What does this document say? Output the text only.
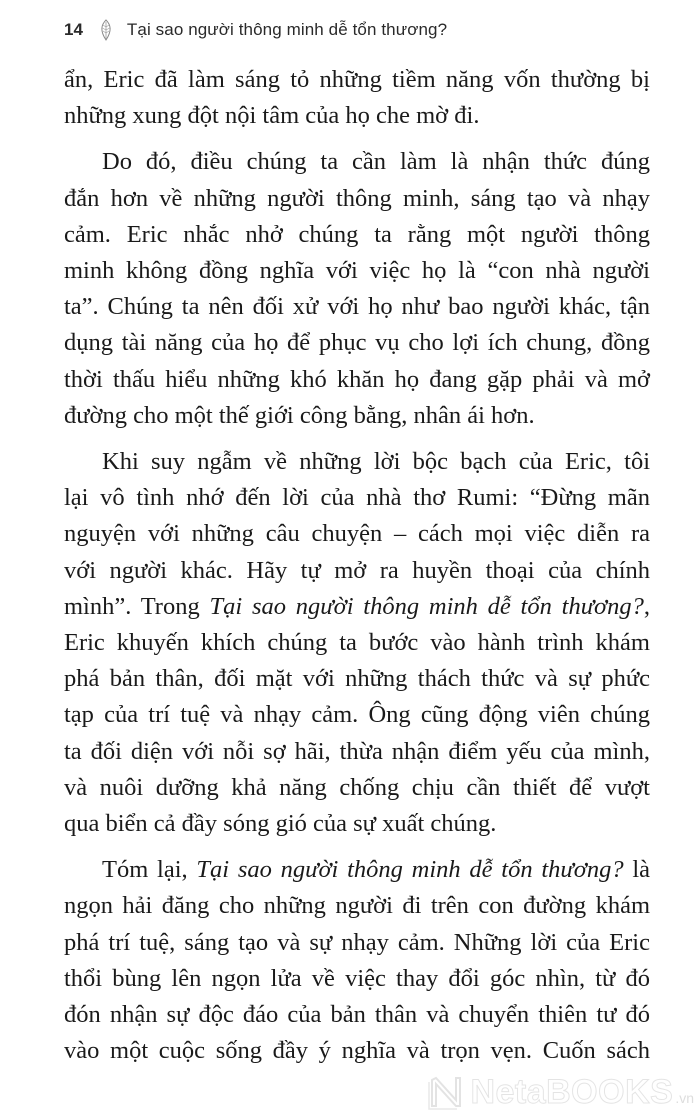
14	Tại sao người thông minh dễ tổn thương?
ẩn, Eric đã làm sáng tỏ những tiềm năng vốn thường bị
những xung đột nội tâm của họ che mờ đi.
Do đó, điều chúng ta cần làm là nhận thức đúng
đắn hơn về những người thông minh, sáng tạo và nhạy
cảm. Eric nhắc nhở chúng ta rằng một người thông
minh không đồng nghĩa với việc họ là “con nhà người
ta”. Chúng ta nên đối xử với họ như bao người khác, tận
dụng tài năng của họ để phục vụ cho lợi ích chung, đồng
thời thấu hiểu những khó khăn họ đang gặp phải và mở
đường cho một thế giới công bằng, nhân ái hơn.
Khi suy ngẫm về những lời bộc bạch của Eric, tôi
lại vô tình nhớ đến lời của nhà thơ Rumi: “Đừng mãn
nguyện với những câu chuyện – cách mọi việc diễn ra
với người khác. Hãy tự mở ra huyền thoại của chính
mình”. Trong Tại sao người thông minh dễ tổn thương?,
Eric khuyến khích chúng ta bước vào hành trình khám
phá bản thân, đối mặt với những thách thức và sự phức
tạp của trí tuệ và nhạy cảm. Ông cũng động viên chúng
ta đối diện với nỗi sợ hãi, thừa nhận điểm yếu của mình,
và nuôi dưỡng khả năng chống chịu cần thiết để vượt
qua biển cả đầy sóng gió của sự xuất chúng.
Tóm lại, Tại sao người thông minh dễ tổn thương? là
ngọn hải đăng cho những người đi trên con đường khám
phá trí tuệ, sáng tạo và sự nhạy cảm. Những lời của Eric
thổi bùng lên ngọn lửa về việc thay đổi góc nhìn, từ đó
đón nhận sự độc đáo của bản thân và chuyển thiên tư đó
vào một cuộc sống đầy ý nghĩa và trọn vẹn. Cuốn sách
NetaBOOKS .vn
